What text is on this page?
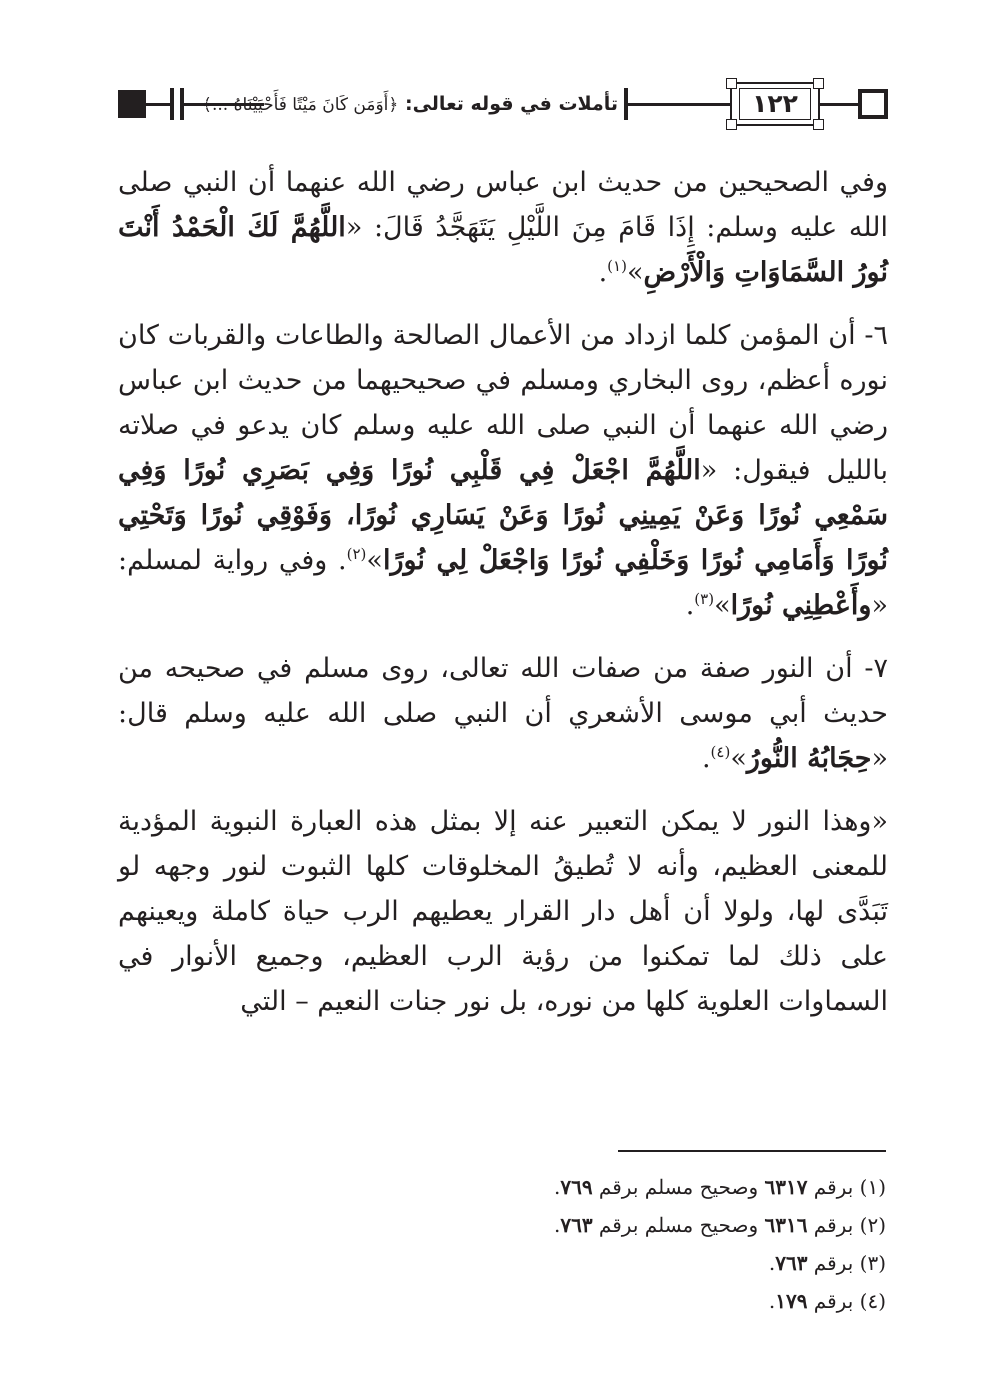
تأملات في قوله تعالى: ﴿أَوَمَن كَانَ مَيْتًا فَأَحْيَيْنَاهُ ...﴾	١٢٢

وفي الصحيحين من حديث ابن عباس رضي الله عنهما أن النبي صلى الله عليه وسلم: إِذَا قَامَ مِنَ اللَّيْلِ يَتَهَجَّدُ قَالَ: «اللَّهُمَّ لَكَ الْحَمْدُ أَنْتَ نُورُ السَّمَاوَاتِ وَالْأَرْضِ»$^{(١)}$.

٦- أن المؤمن كلما ازداد من الأعمال الصالحة والطاعات والقربات كان نوره أعظم، روى البخاري ومسلم في صحيحيهما من حديث ابن عباس رضي الله عنهما أن النبي صلى الله عليه وسلم كان يدعو في صلاته بالليل فيقول: «اللَّهُمَّ اجْعَلْ فِي قَلْبِي نُورًا وَفِي بَصَرِي نُورًا وَفِي سَمْعِي نُورًا وَعَنْ يَمِينِي نُورًا وَعَنْ يَسَارِي نُورًا، وَفَوْقِي نُورًا وَتَحْتِي نُورًا وَأَمَامِي نُورًا وَخَلْفِي نُورًا وَاجْعَلْ لِي نُورًا»$^{(٢)}$. وفي رواية لمسلم: «وأَعْطِنِي نُورًا»$^{(٣)}$.

٧- أن النور صفة من صفات الله تعالى، روى مسلم في صحيحه من حديث أبي موسى الأشعري أن النبي صلى الله عليه وسلم قال: «حِجَابُهُ النُّورُ»$^{(٤)}$.

«وهذا النور لا يمكن التعبير عنه إلا بمثل هذه العبارة النبوية المؤدية للمعنى العظيم، وأنه لا تُطيقُ المخلوقات كلها الثبوت لنور وجهه لو تَبَدَّى لها، ولولا أن أهل دار القرار يعطيهم الرب حياة كاملة ويعينهم على ذلك لما تمكنوا من رؤية الرب العظيم، وجميع الأنوار في السماوات العلوية كلها من نوره، بل نور جنات النعيم – التي

(١) برقم ٦٣١٧ وصحيح مسلم برقم ٧٦٩.

(٢) برقم ٦٣١٦ وصحيح مسلم برقم ٧٦٣.

(٣) برقم ٧٦٣.

(٤) برقم ١٧٩.
